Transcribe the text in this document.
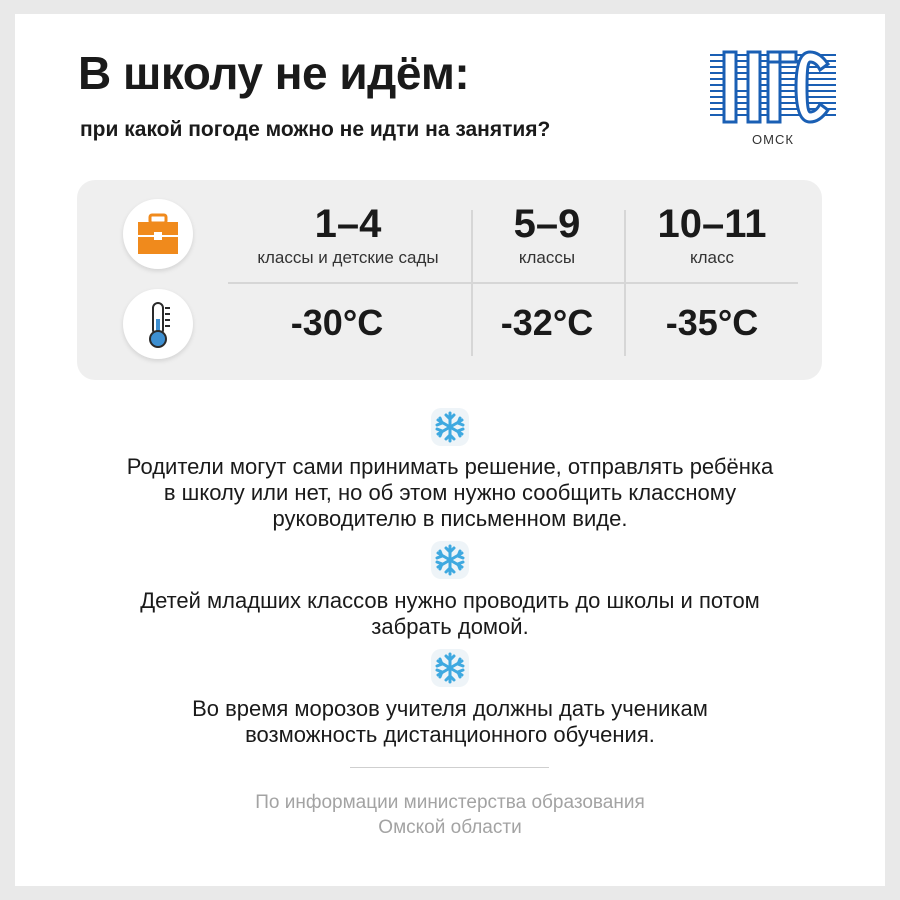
В школу не идём:
при какой погоде можно не идти на занятия?	ОМСК
1–4
классы и детские сады
-30°C
5–9
классы
-32°C
10–11
класс
-35°C
Родители могут сами принимать решение, отправлять ребёнка
в школу или нет, но об этом нужно сообщить классному
руководителю в письменном виде.
Детей младших классов нужно проводить до школы и потом
забрать домой.
Во время морозов учителя должны дать ученикам
возможность дистанционного обучения.
По информации министерства образования
Омской области
